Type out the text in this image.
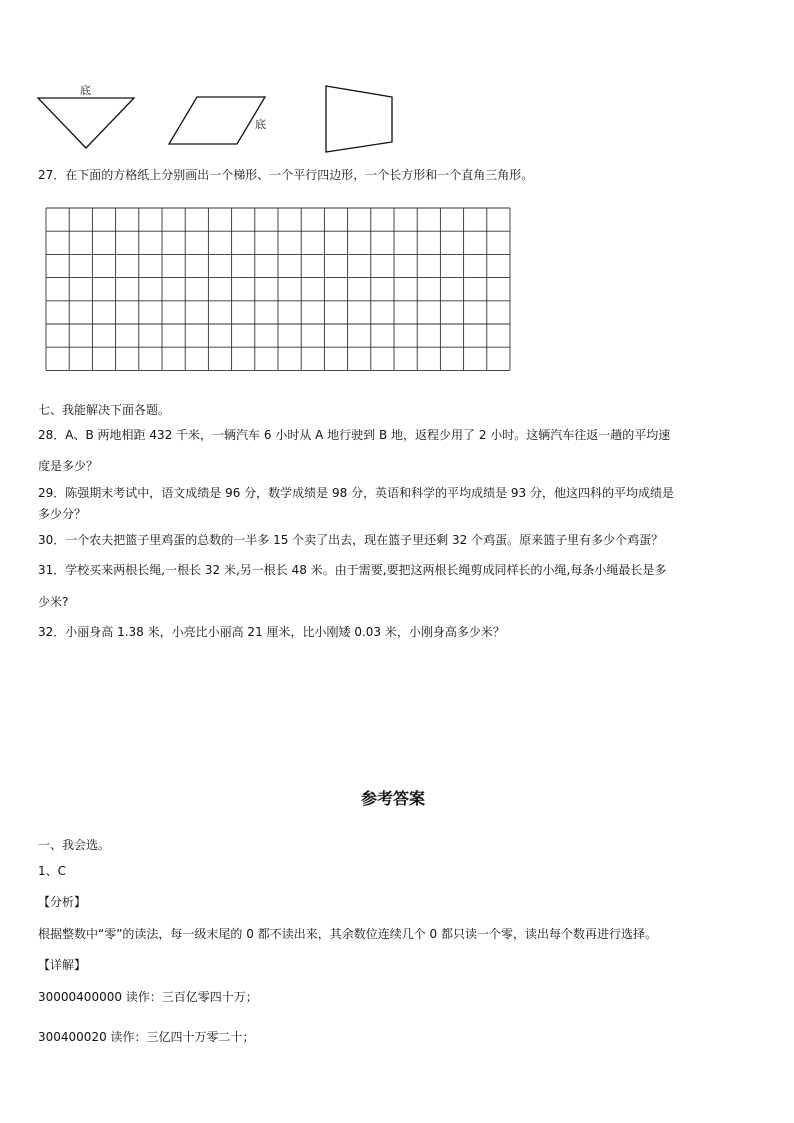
底
底
27．在下面的方格纸上分别画出一个梯形、一个平行四边形，一个长方形和一个直角三角形。
七、我能解决下面各题。
28．A、B 两地相距 432 千米，一辆汽车 6 小时从 A 地行驶到 B 地，返程少用了 2 小时。这辆汽车往返一趟的平均速
度是多少？
29．陈强期末考试中，语文成绩是 96 分，数学成绩是 98 分，英语和科学的平均成绩是 93 分，他这四科的平均成绩是
多少分？
30．一个农夫把篮子里鸡蛋的总数的一半多 15 个卖了出去，现在篮子里还剩 32 个鸡蛋。原来篮子里有多少个鸡蛋？
31．学校买来两根长绳,一根长 32 米,另一根长 48 米。由于需要,要把这两根长绳剪成同样长的小绳,每条小绳最长是多
少米?
32．小丽身高 1.38 米，小亮比小丽高 21 厘米，比小刚矮 0.03 米，小刚身高多少米？
参考答案
一、我会选。
1、C
【分析】
根据整数中“零”的读法，每一级末尾的 0 都不读出来，其余数位连续几个 0 都只读一个零，读出每个数再进行选择。
【详解】
30000400000 读作：三百亿零四十万；
300400020 读作：三亿四十万零二十；
